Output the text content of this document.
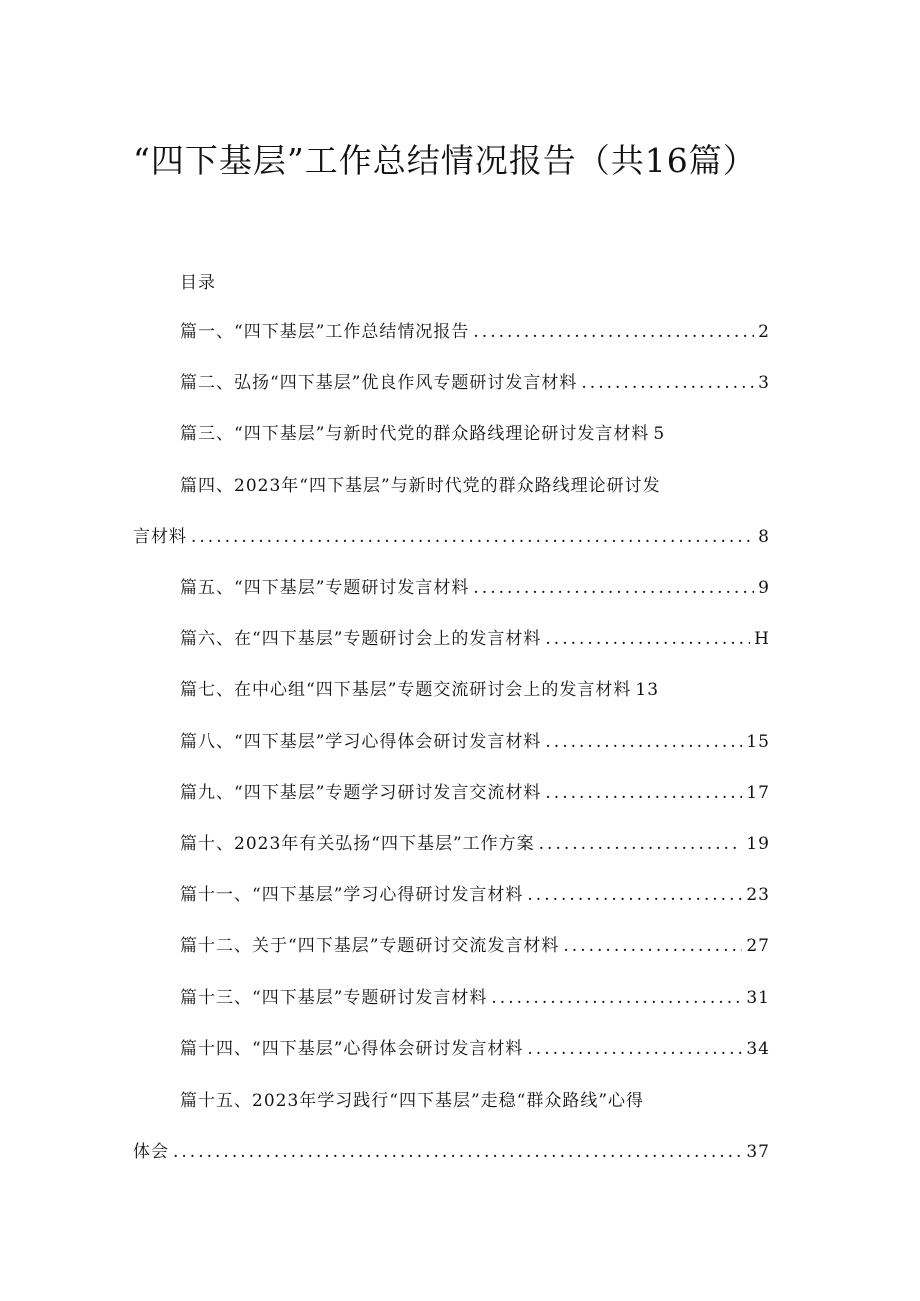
“四下基层”工作总结情况报告（共16篇）
目录
篇一、“四下基层”工作总结情况报告 .....	2
篇二、弘扬“四下基层”优良作风专题研讨发言材料 .....	3
篇三、“四下基层”与新时代党的群众路线理论研讨发言材料 5
篇四、2023年“四下基层”与新时代党的群众路线理论研讨发
言材料 .....	8
篇五、“四下基层”专题研讨发言材料 .....	9
篇六、在“四下基层”专题研讨会上的发言材料 .....	H
篇七、在中心组“四下基层”专题交流研讨会上的发言材料 13
篇八、“四下基层”学习心得体会研讨发言材料 .....	15
篇九、“四下基层”专题学习研讨发言交流材料 .....	17
篇十、2023年有关弘扬“四下基层”工作方案 .....	19
篇十一、“四下基层”学习心得研讨发言材料 .....	23
篇十二、关于“四下基层”专题研讨交流发言材料 .....	27
篇十三、“四下基层”专题研讨发言材料 .....	31
篇十四、“四下基层”心得体会研讨发言材料 .....	34
篇十五、2023年学习践行“四下基层”走稳“群众路线”心得
体会 .....	37
